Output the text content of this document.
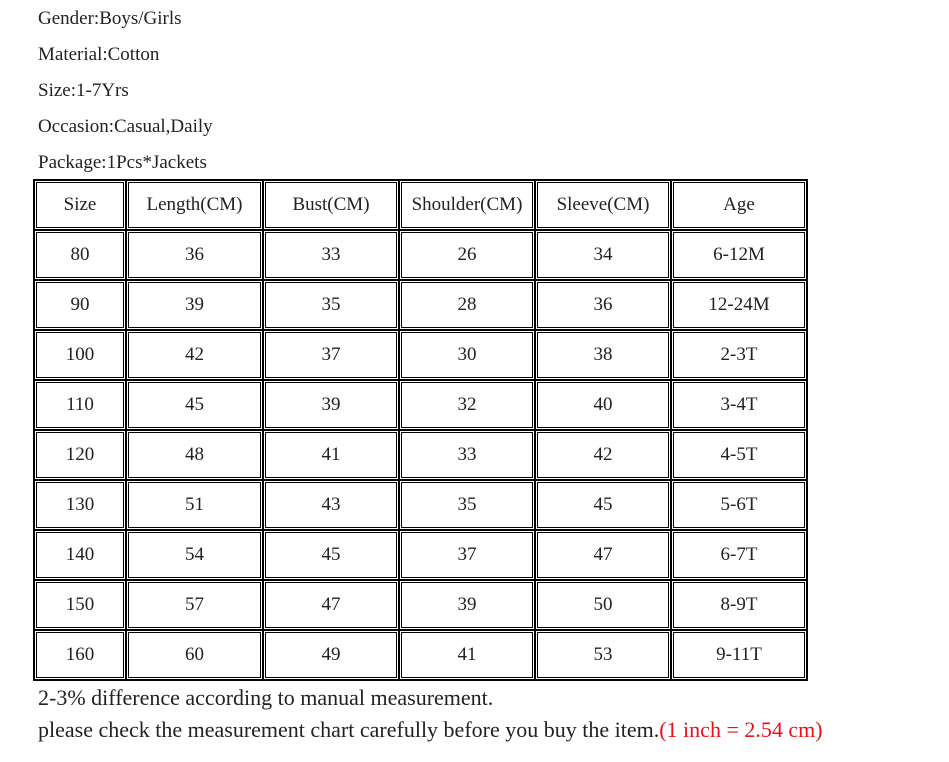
Gender:Boys/Girls
Material:Cotton
Size:1-7Yrs
Occasion:Casual,Daily
Package:1Pcs*Jackets
Size	Length(CM)	Bust(CM)	Shoulder(CM)	Sleeve(CM)	Age
80	36	33	26	34	6-12M
90	39	35	28	36	12-24M
100	42	37	30	38	2-3T
110	45	39	32	40	3-4T
120	48	41	33	42	4-5T
130	51	43	35	45	5-6T
140	54	45	37	47	6-7T
150	57	47	39	50	8-9T
160	60	49	41	53	9-11T
2-3% difference according to manual measurement.
please check the measurement chart carefully before you buy the item.(1 inch = 2.54 cm)
